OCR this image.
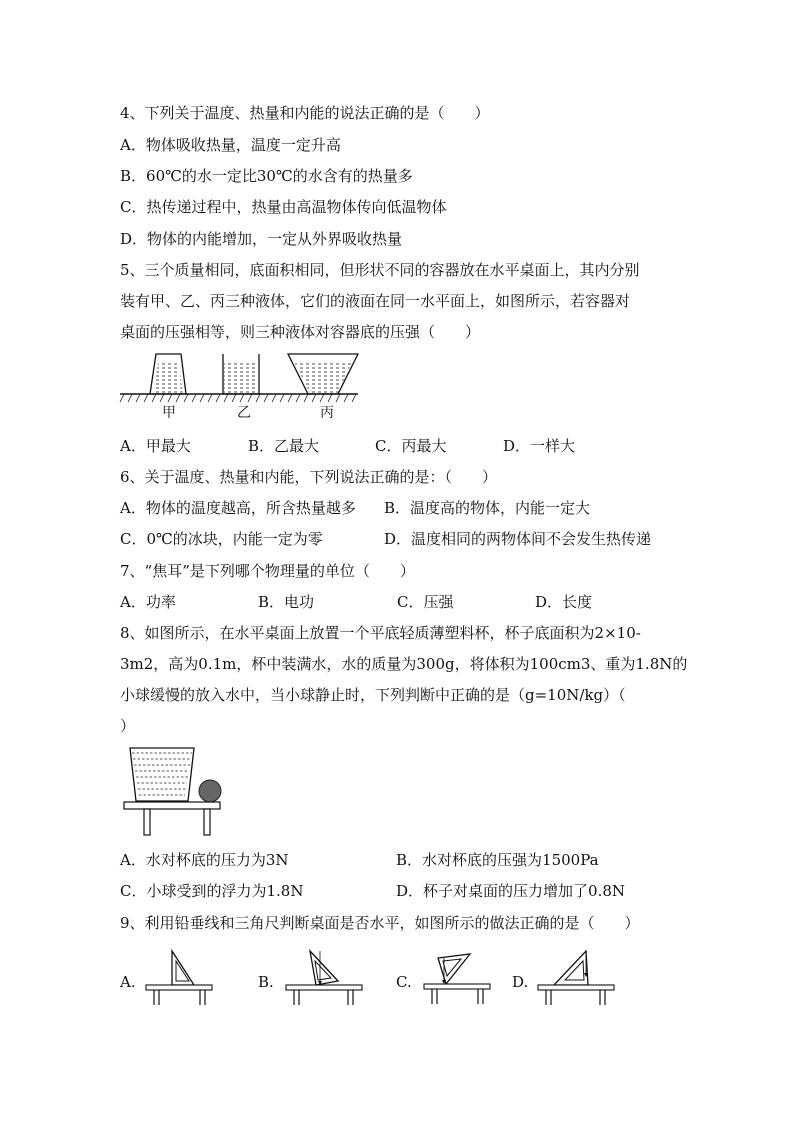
4、下列关于温度、热量和内能的说法正确的是（　　）
A．物体吸收热量，温度一定升高
B．60℃的水一定比30℃的水含有的热量多
C．热传递过程中，热量由高温物体传向低温物体
D．物体的内能增加，一定从外界吸收热量
5、三个质量相同，底面积相同，但形状不同的容器放在水平桌面上，其内分别
装有甲、乙、丙三种液体，它们的液面在同一水平面上，如图所示，若容器对
桌面的压强相等，则三种液体对容器底的压强（　　）
甲	乙	丙
A．甲最大	B．乙最大	C．丙最大	D．一样大
6、关于温度、热量和内能，下列说法正确的是：（　　）
A．物体的温度越高，所含热量越多 B．温度高的物体，内能一定大
C．0℃的冰块，内能一定为零	D．温度相同的两物体间不会发生热传递
7、“焦耳”是下列哪个物理量的单位（　　）
A．功率	B．电功	C．压强	D．长度
8、如图所示，在水平桌面上放置一个平底轻质薄塑料杯，杯子底面积为2×10-
3m2，高为0.1m，杯中装满水，水的质量为300g，将体积为100cm3、重为1.8N的
小球缓慢的放入水中，当小球静止时，下列判断中正确的是（g=10N/kg）（
）
A．水对杯底的压力为3N	B．水对杯底的压强为1500Pa
C．小球受到的浮力为1.8N	D．杯子对桌面的压力增加了0.8N
9、利用铅垂线和三角尺判断桌面是否水平，如图所示的做法正确的是（　　）
A.	B.	C.	D.
